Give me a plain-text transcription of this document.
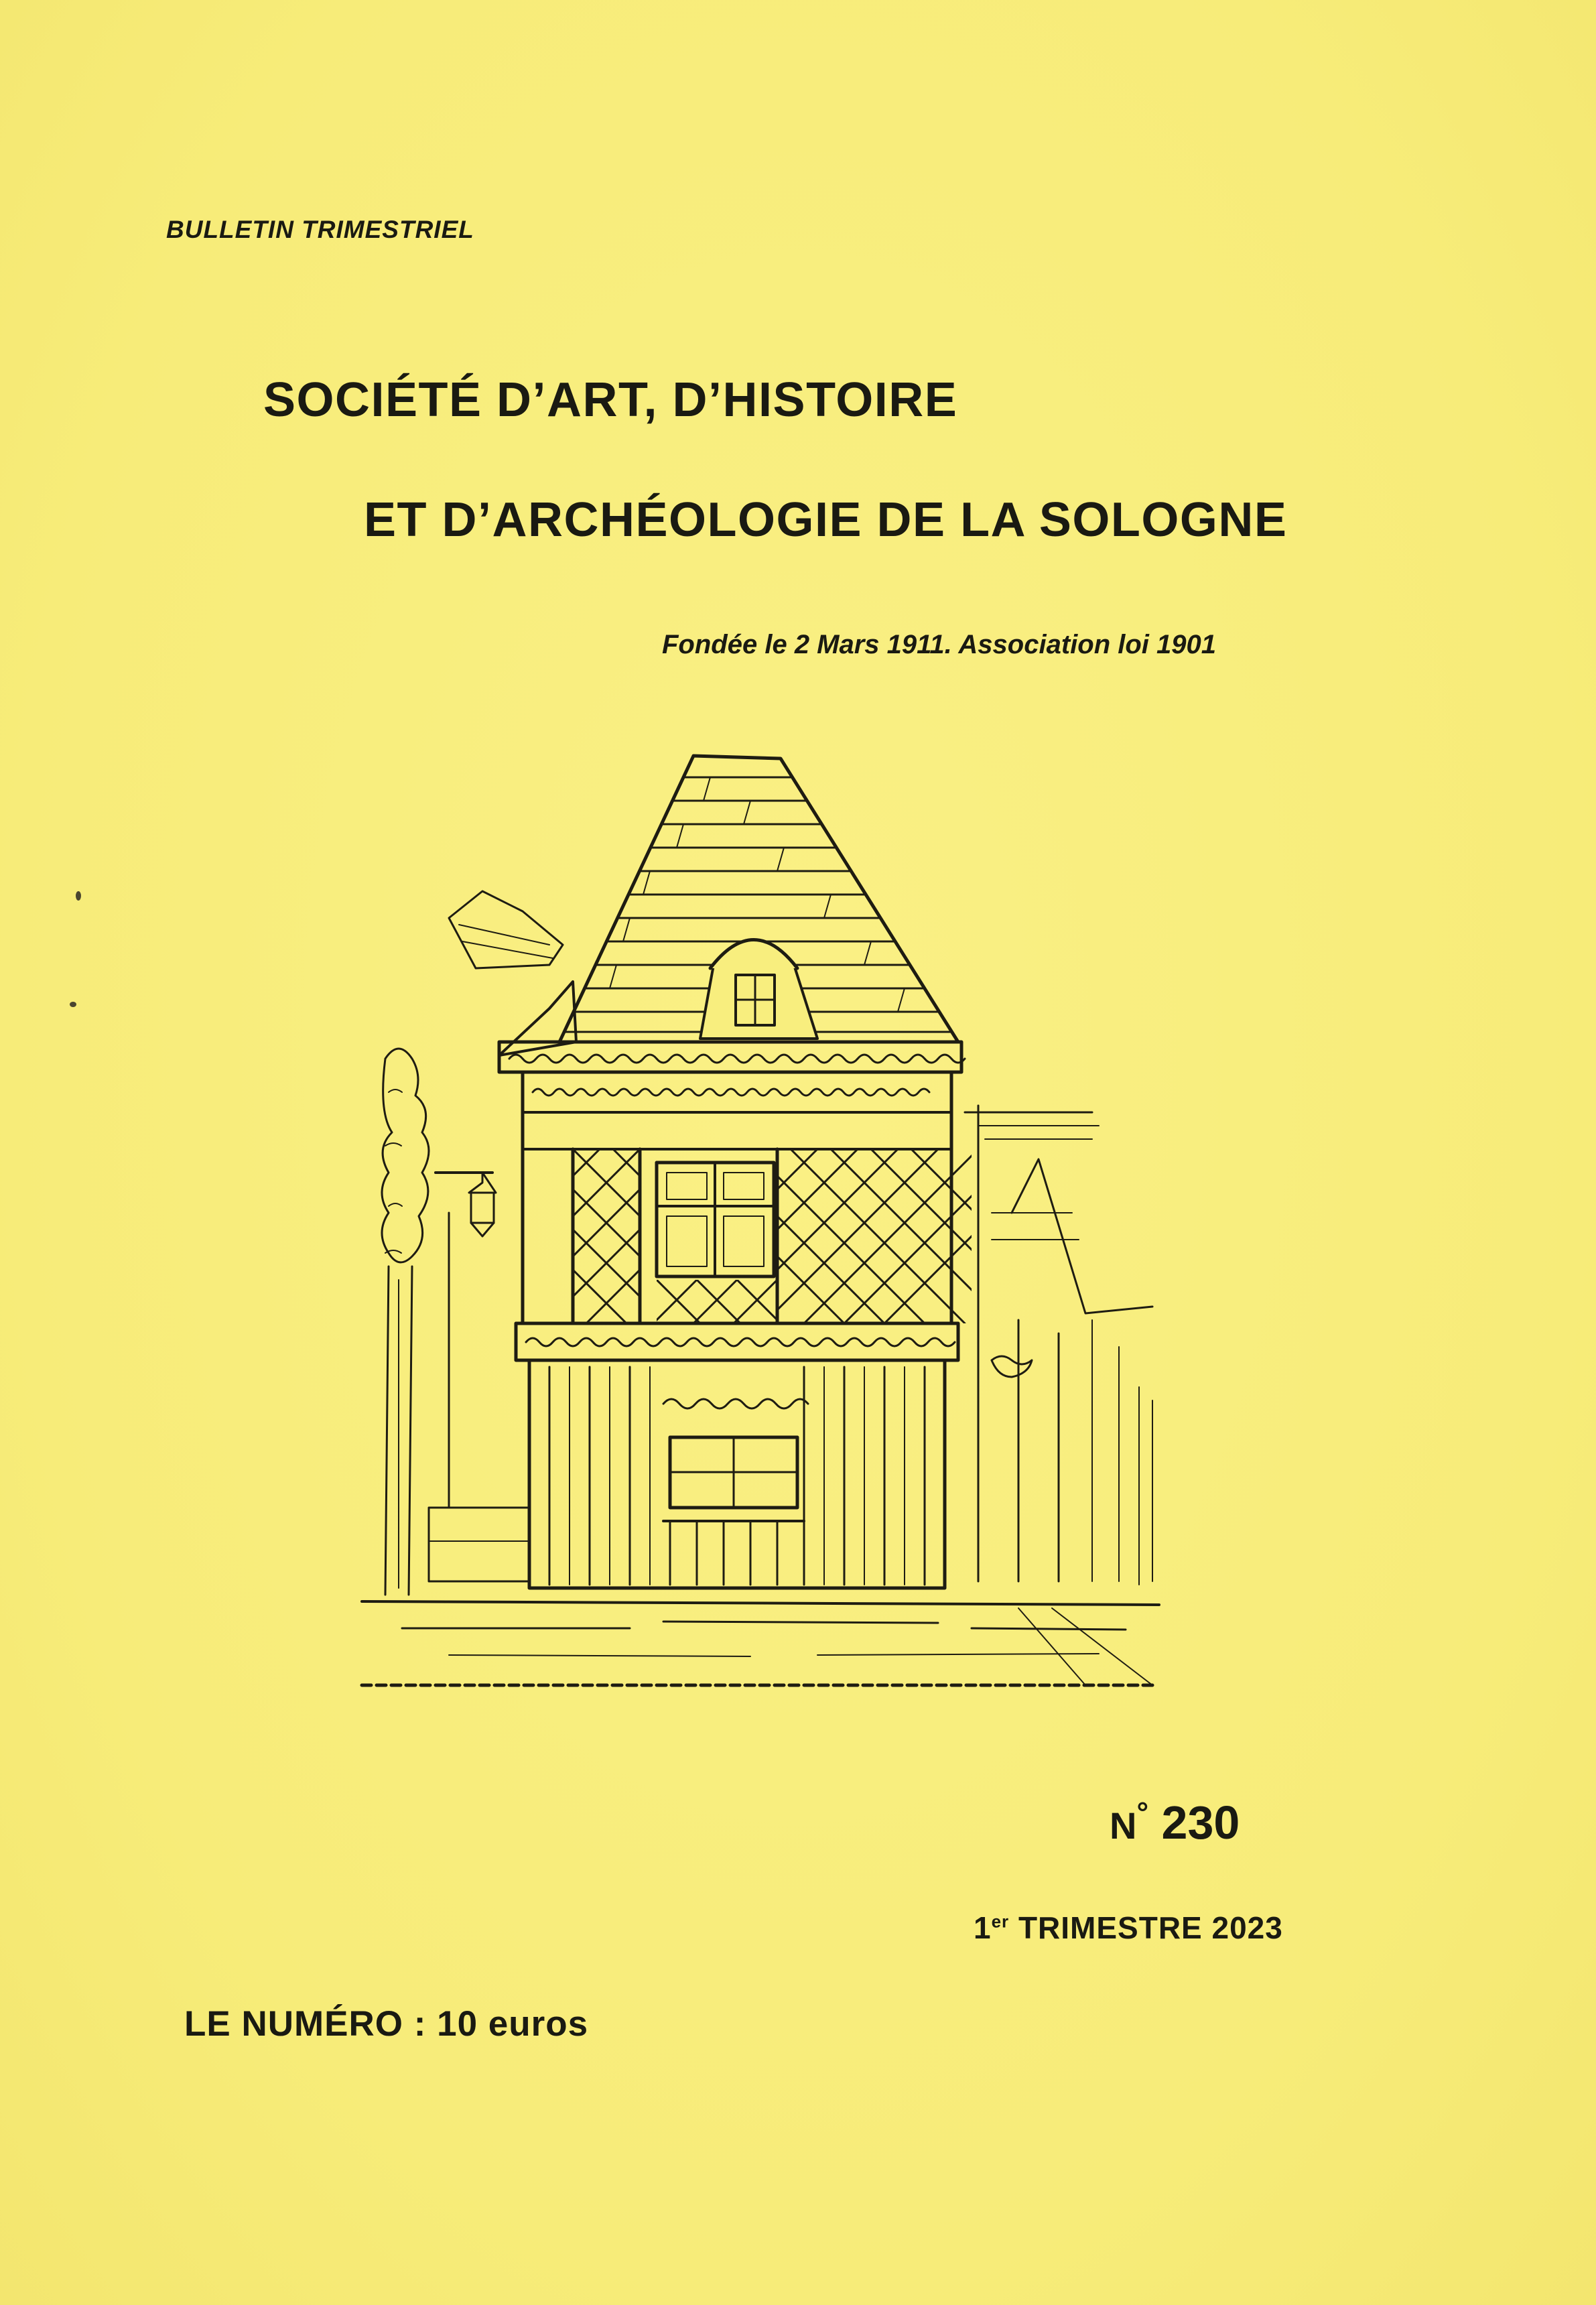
BULLETIN TRIMESTRIEL
SOCIÉTÉ D’ART, D’HISTOIRE
ET D’ARCHÉOLOGIE DE LA SOLOGNE
Fondée le 2 Mars 1911. Association loi 1901
N° 230
1er TRIMESTRE 2023
LE NUMÉRO : 10 euros
